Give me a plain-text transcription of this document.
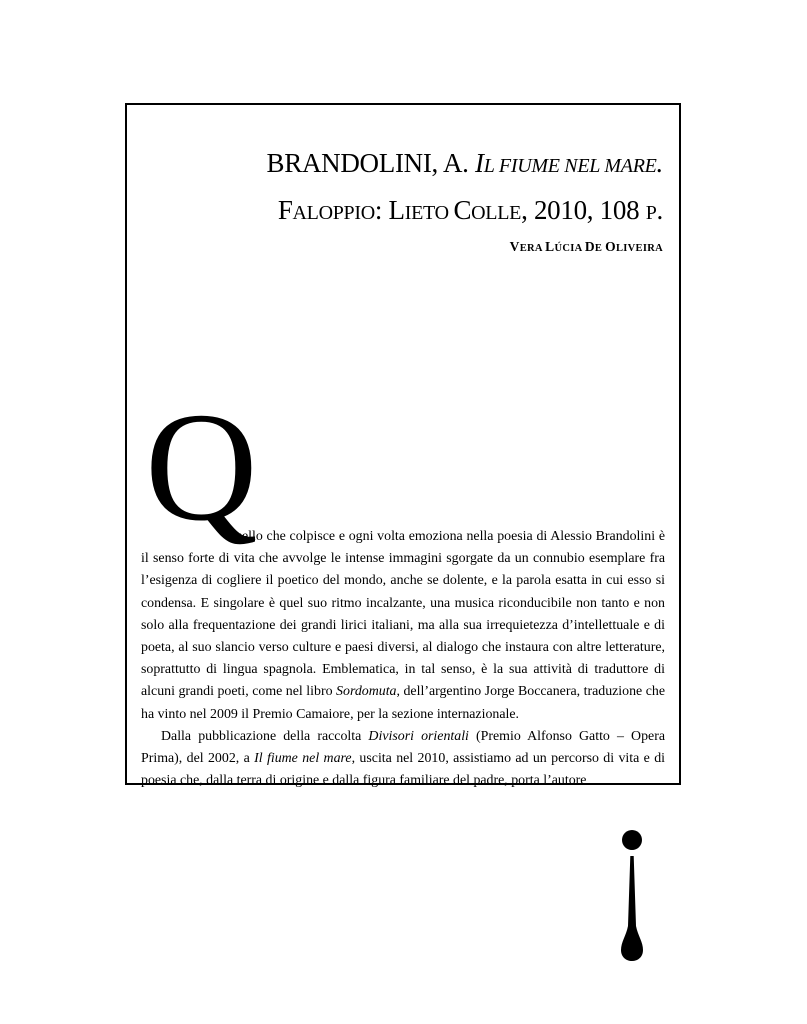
BRANDOLINI, A. IL FIUME NEL MARE.
FALOPPIO: LIETO COLLE, 2010, 108 P.
VERA LÚCIA DE OLIVEIRA
Q

uello che colpisce e ogni volta emoziona nella poesia di Alessio Brandolini è il senso forte di vita che avvolge le intense immagini sgorgate da un connubio esemplare fra l’esigenza di cogliere il poetico del mondo, anche se dolente, e la parola esatta in cui esso si condensa. E singolare è quel suo ritmo incalzante, una musica riconducibile non tanto e non solo alla frequentazione dei grandi lirici italiani, ma alla sua irrequietezza d’intellettuale e di poeta, al suo slancio verso culture e paesi diversi, al dialogo che instaura con altre letterature, soprattutto di lingua spagnola. Emblematica, in tal senso, è la sua attività di traduttore di alcuni grandi poeti, come nel libro Sordomuta, dell’argentino Jorge Boccanera, traduzione che ha vinto nel 2009 il Premio Camaiore, per la sezione internazionale.

Dalla pubblicazione della raccolta Divisori orientali (Premio Alfonso Gatto – Opera Prima), del 2002, a Il fiume nel mare, uscita nel 2010, assistiamo ad un percorso di vita e di poesia che, dalla terra di origine e dalla figura familiare del padre, porta l’autore
